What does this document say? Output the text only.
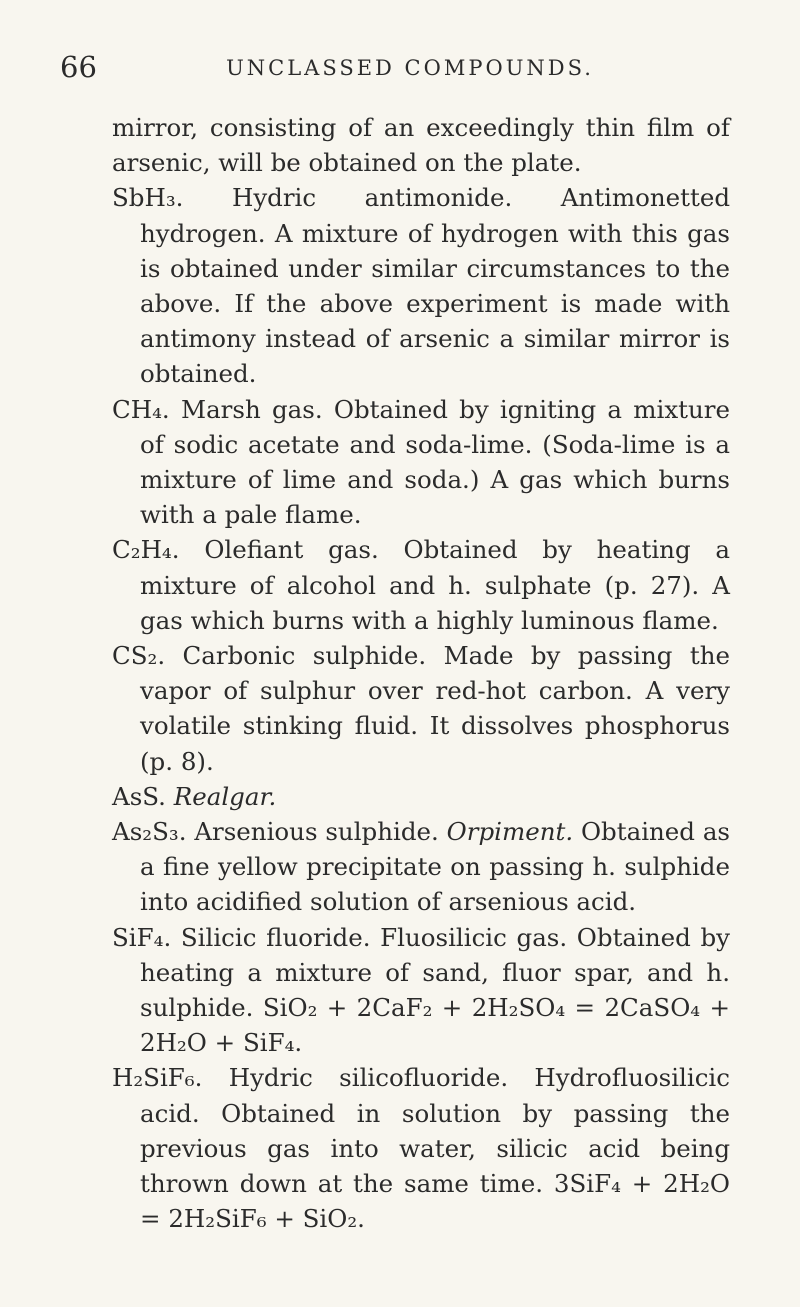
66	UNCLASSED COMPOUNDS.

mirror, consisting of an exceedingly thin film of arsenic, will be obtained on the plate.

SbH₃. Hydric antimonide. Antimonetted hydrogen. A mixture of hydrogen with this gas is obtained under similar circumstances to the above. If the above experiment is made with antimony instead of arsenic a similar mirror is obtained.

CH₄. Marsh gas. Obtained by igniting a mixture of sodic acetate and soda-lime. (Soda-lime is a mixture of lime and soda.) A gas which burns with a pale flame.

C₂H₄. Olefiant gas. Obtained by heating a mixture of alcohol and h. sulphate (p. 27). A gas which burns with a highly luminous flame.

CS₂. Carbonic sulphide. Made by passing the vapor of sulphur over red-hot carbon. A very volatile stinking fluid. It dissolves phosphorus (p. 8).

AsS. Realgar.

As₂S₃. Arsenious sulphide. Orpiment. Obtained as a fine yellow precipitate on passing h. sulphide into acidified solution of arsenious acid.

SiF₄. Silicic fluoride. Fluosilicic gas. Obtained by heating a mixture of sand, fluor spar, and h. sulphide. SiO₂ + 2CaF₂ + 2H₂SO₄ = 2CaSO₄ + 2H₂O + SiF₄.

H₂SiF₆. Hydric silicofluoride. Hydrofluosilicic acid. Obtained in solution by passing the previous gas into water, silicic acid being thrown down at the same time. 3SiF₄ + 2H₂O = 2H₂SiF₆ + SiO₂.
